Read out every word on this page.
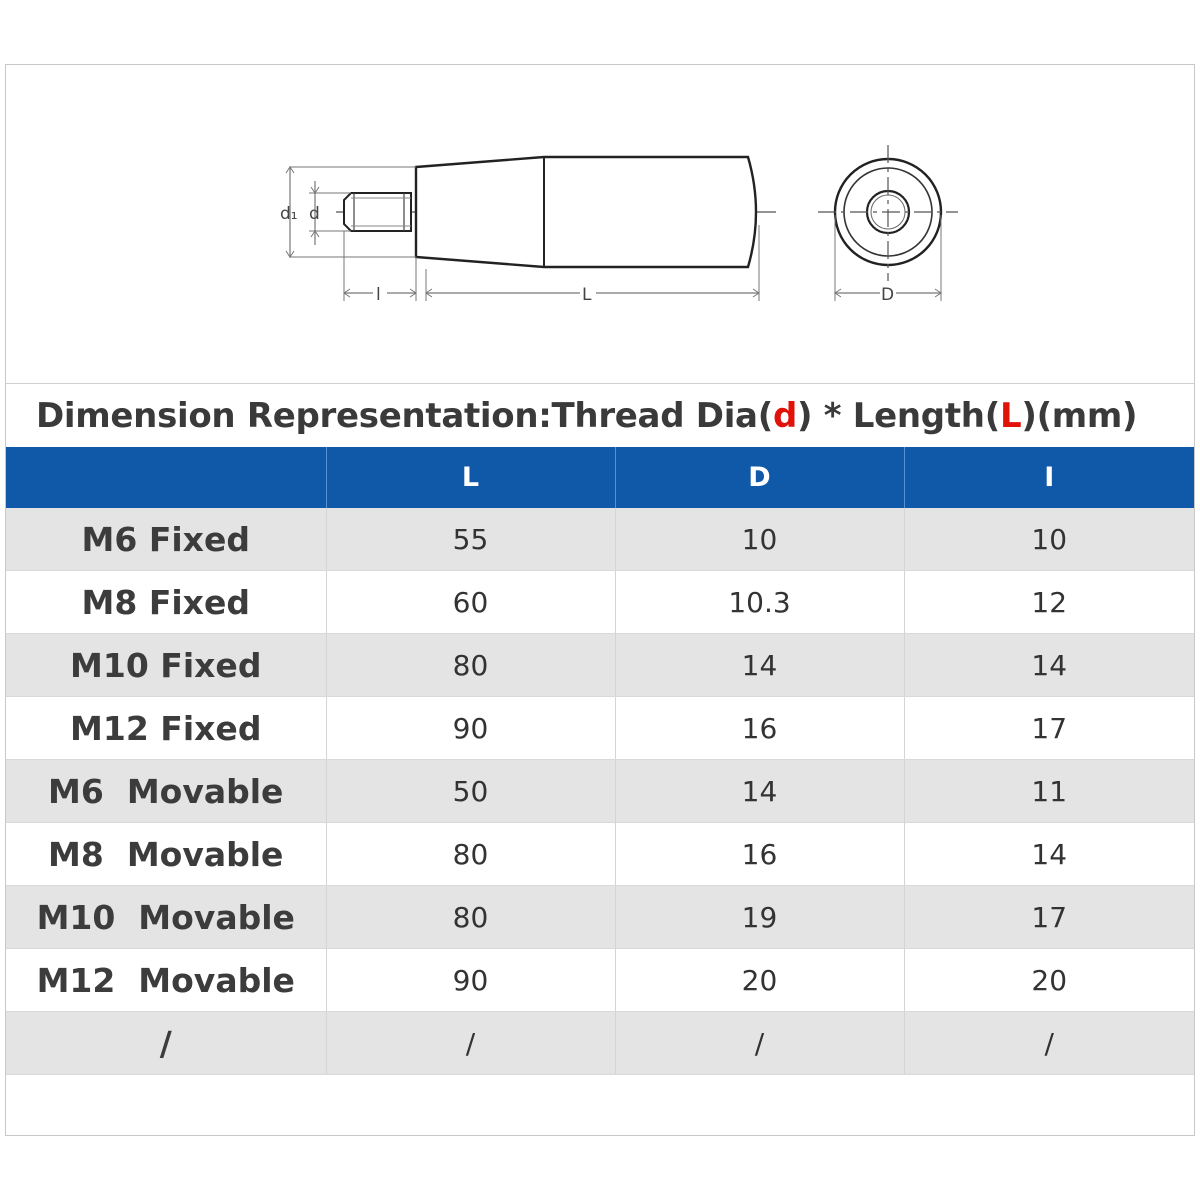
d₁ d
l	L	D
Dimension Representation:Thread Dia(d) * Length(L)(mm)
	L	D	I
M6 Fixed	55	10	10
M8 Fixed	60	10.3	12
M10 Fixed	80	14	14
M12 Fixed	90	16	17
M6  Movable	50	14	11
M8  Movable	80	16	14
M10  Movable	80	19	17
M12  Movable	90	20	20
/	/	/	/
